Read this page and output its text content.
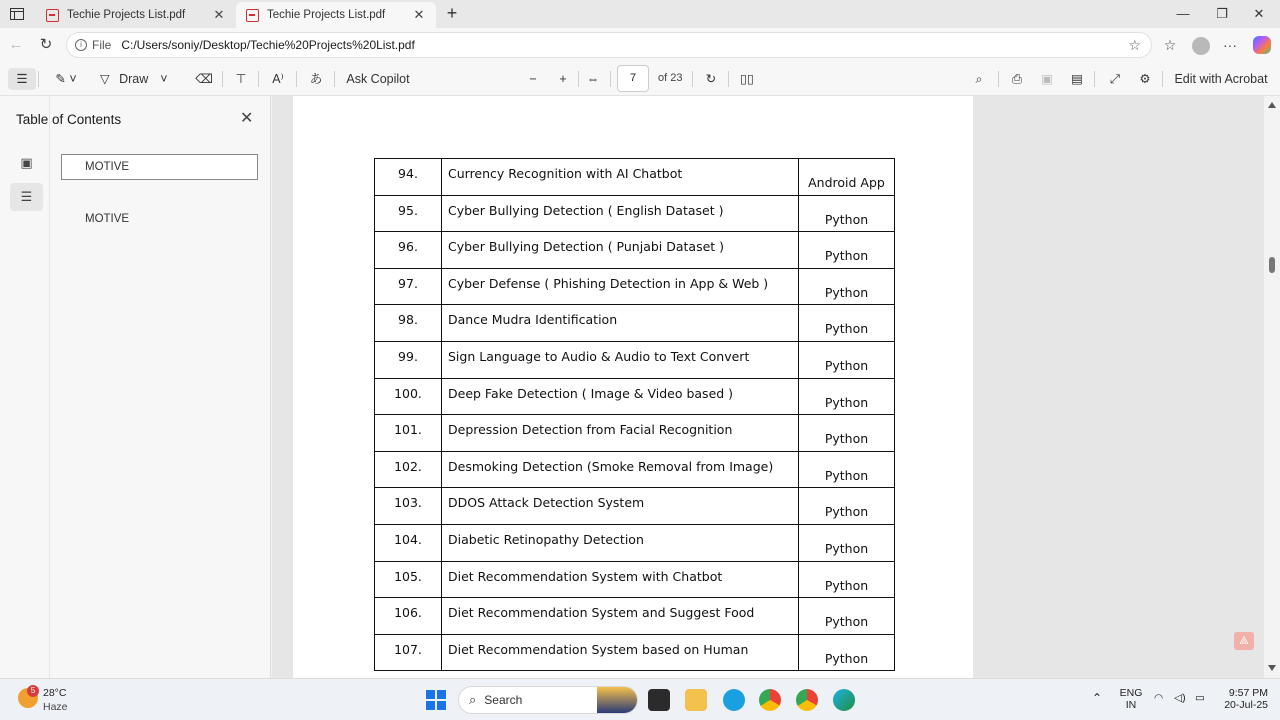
Techie Projects List.pdf	✕	Techie Projects List.pdf	✕ +	—	❐	✕
← ↻	i File C:/Users/soniy/Desktop/Techie%20Projects%20List.pdf	☆ ☆	···
☰	✎ ˅	▽ Draw ˅	⌫	⊤	A⁾	あ	Ask Copilot	−	+	⇔	↻	▯▯	⌕	⎙	▣	▤	⤢	⚙	Edit with Acrobat
7	of 23
▣
☰
Table of Contents	✕
MOTIVE
MOTIVE
94.	Currency Recognition with AI Chatbot	Android App
95.	Cyber Bullying Detection ( English Dataset )	Python
96.	Cyber Bullying Detection ( Punjabi Dataset )	Python
97.	Cyber Defense ( Phishing Detection in App & Web )	Python
98.	Dance Mudra Identification	Python
99.	Sign Language to Audio & Audio to Text Convert	Python
100.	Deep Fake Detection ( Image & Video based )	Python
101.	Depression Detection from Facial Recognition	Python
102.	Desmoking Detection (Smoke Removal from Image)	Python
103.	DDOS Attack Detection System	Python
104.	Diabetic Retinopathy Detection	Python
105.	Diet Recommendation System with Chatbot	Python
106.	Diet Recommendation System and Suggest Food	Python
107.	Diet Recommendation System based on Human	Python
⟁
5 28°C
Haze	⌕ Search	⌃ ENG
IN
◠ ◁) ▭	9:57 PM
20-Jul-25
